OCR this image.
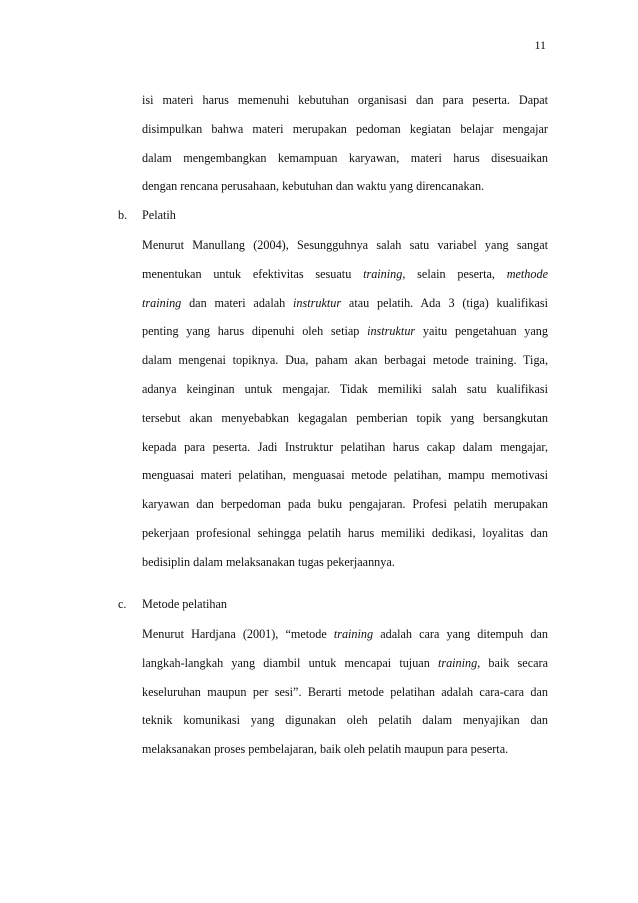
11
isi materi harus memenuhi kebutuhan organisasi dan para peserta. Dapat
disimpulkan bahwa materi merupakan pedoman kegiatan belajar mengajar
dalam mengembangkan kemampuan karyawan, materi harus disesuaikan
dengan rencana perusahaan, kebutuhan dan waktu yang direncanakan.
b. Pelatih
Menurut Manullang (2004), Sesungguhnya salah satu variabel yang sangat
menentukan untuk efektivitas sesuatu training, selain peserta, methode
training dan materi adalah instruktur atau pelatih. Ada 3 (tiga) kualifikasi
penting yang harus dipenuhi oleh setiap instruktur yaitu pengetahuan yang
dalam mengenai topiknya. Dua, paham akan berbagai metode training. Tiga,
adanya keinginan untuk mengajar. Tidak memiliki salah satu kualifikasi
tersebut akan menyebabkan kegagalan pemberian topik yang bersangkutan
kepada para peserta. Jadi Instruktur pelatihan harus cakap dalam mengajar,
menguasai materi pelatihan, menguasai metode pelatihan, mampu memotivasi
karyawan dan berpedoman pada buku pengajaran. Profesi pelatih merupakan
pekerjaan profesional sehingga pelatih harus memiliki dedikasi, loyalitas dan
bedisiplin dalam melaksanakan tugas pekerjaannya.
c. Metode pelatihan
Menurut Hardjana (2001), “metode training adalah cara yang ditempuh dan
langkah-langkah yang diambil untuk mencapai tujuan training, baik secara
keseluruhan maupun per sesi”. Berarti metode pelatihan adalah cara-cara dan
teknik komunikasi yang digunakan oleh pelatih dalam menyajikan dan
melaksanakan proses pembelajaran, baik oleh pelatih maupun para peserta.
